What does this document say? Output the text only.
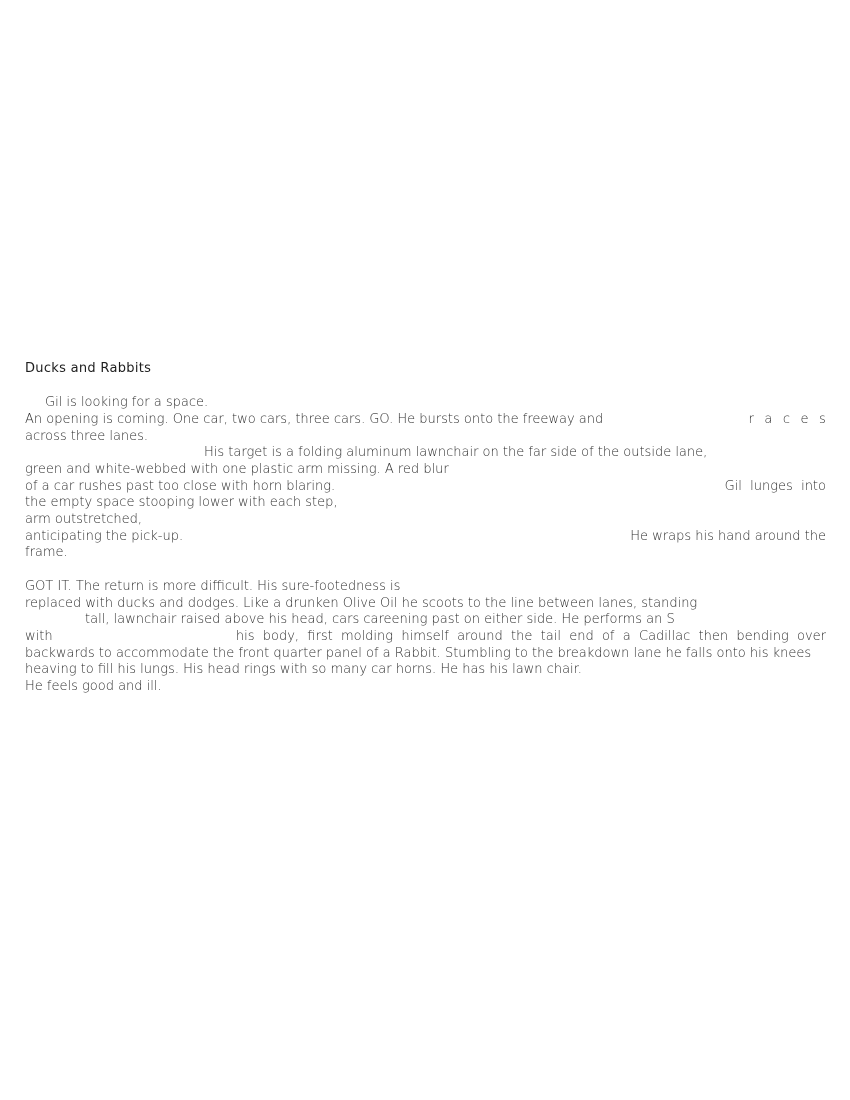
Ducks and Rabbits
Gil is looking for a space.
An opening is coming. One car, two cars, three cars. GO. He bursts onto the freeway and	r a c e s
across three lanes.
His target is a folding aluminum lawnchair on the far side of the outside lane,
green and white-webbed with one plastic arm missing. A red blur
of a car rushes past too close with horn blaring.	Gil  lunges  into
the empty space stooping lower with each step,
arm outstretched,
anticipating the pick-up.	He wraps his hand around the
frame.
GOT IT. The return is more difficult. His sure-footedness is
replaced with ducks and dodges. Like a drunken Olive Oil he scoots to the line between lanes, standing
tall, lawnchair raised above his head, cars careening past on either side. He performs an S
with	his  body,  first  molding  himself  around  the  tail  end  of  a  Cadillac  then  bending  over
backwards to accommodate the front quarter panel of a Rabbit. Stumbling to the breakdown lane he falls onto his knees
heaving to fill his lungs. His head rings with so many car horns. He has his lawn chair.
He feels good and ill.
